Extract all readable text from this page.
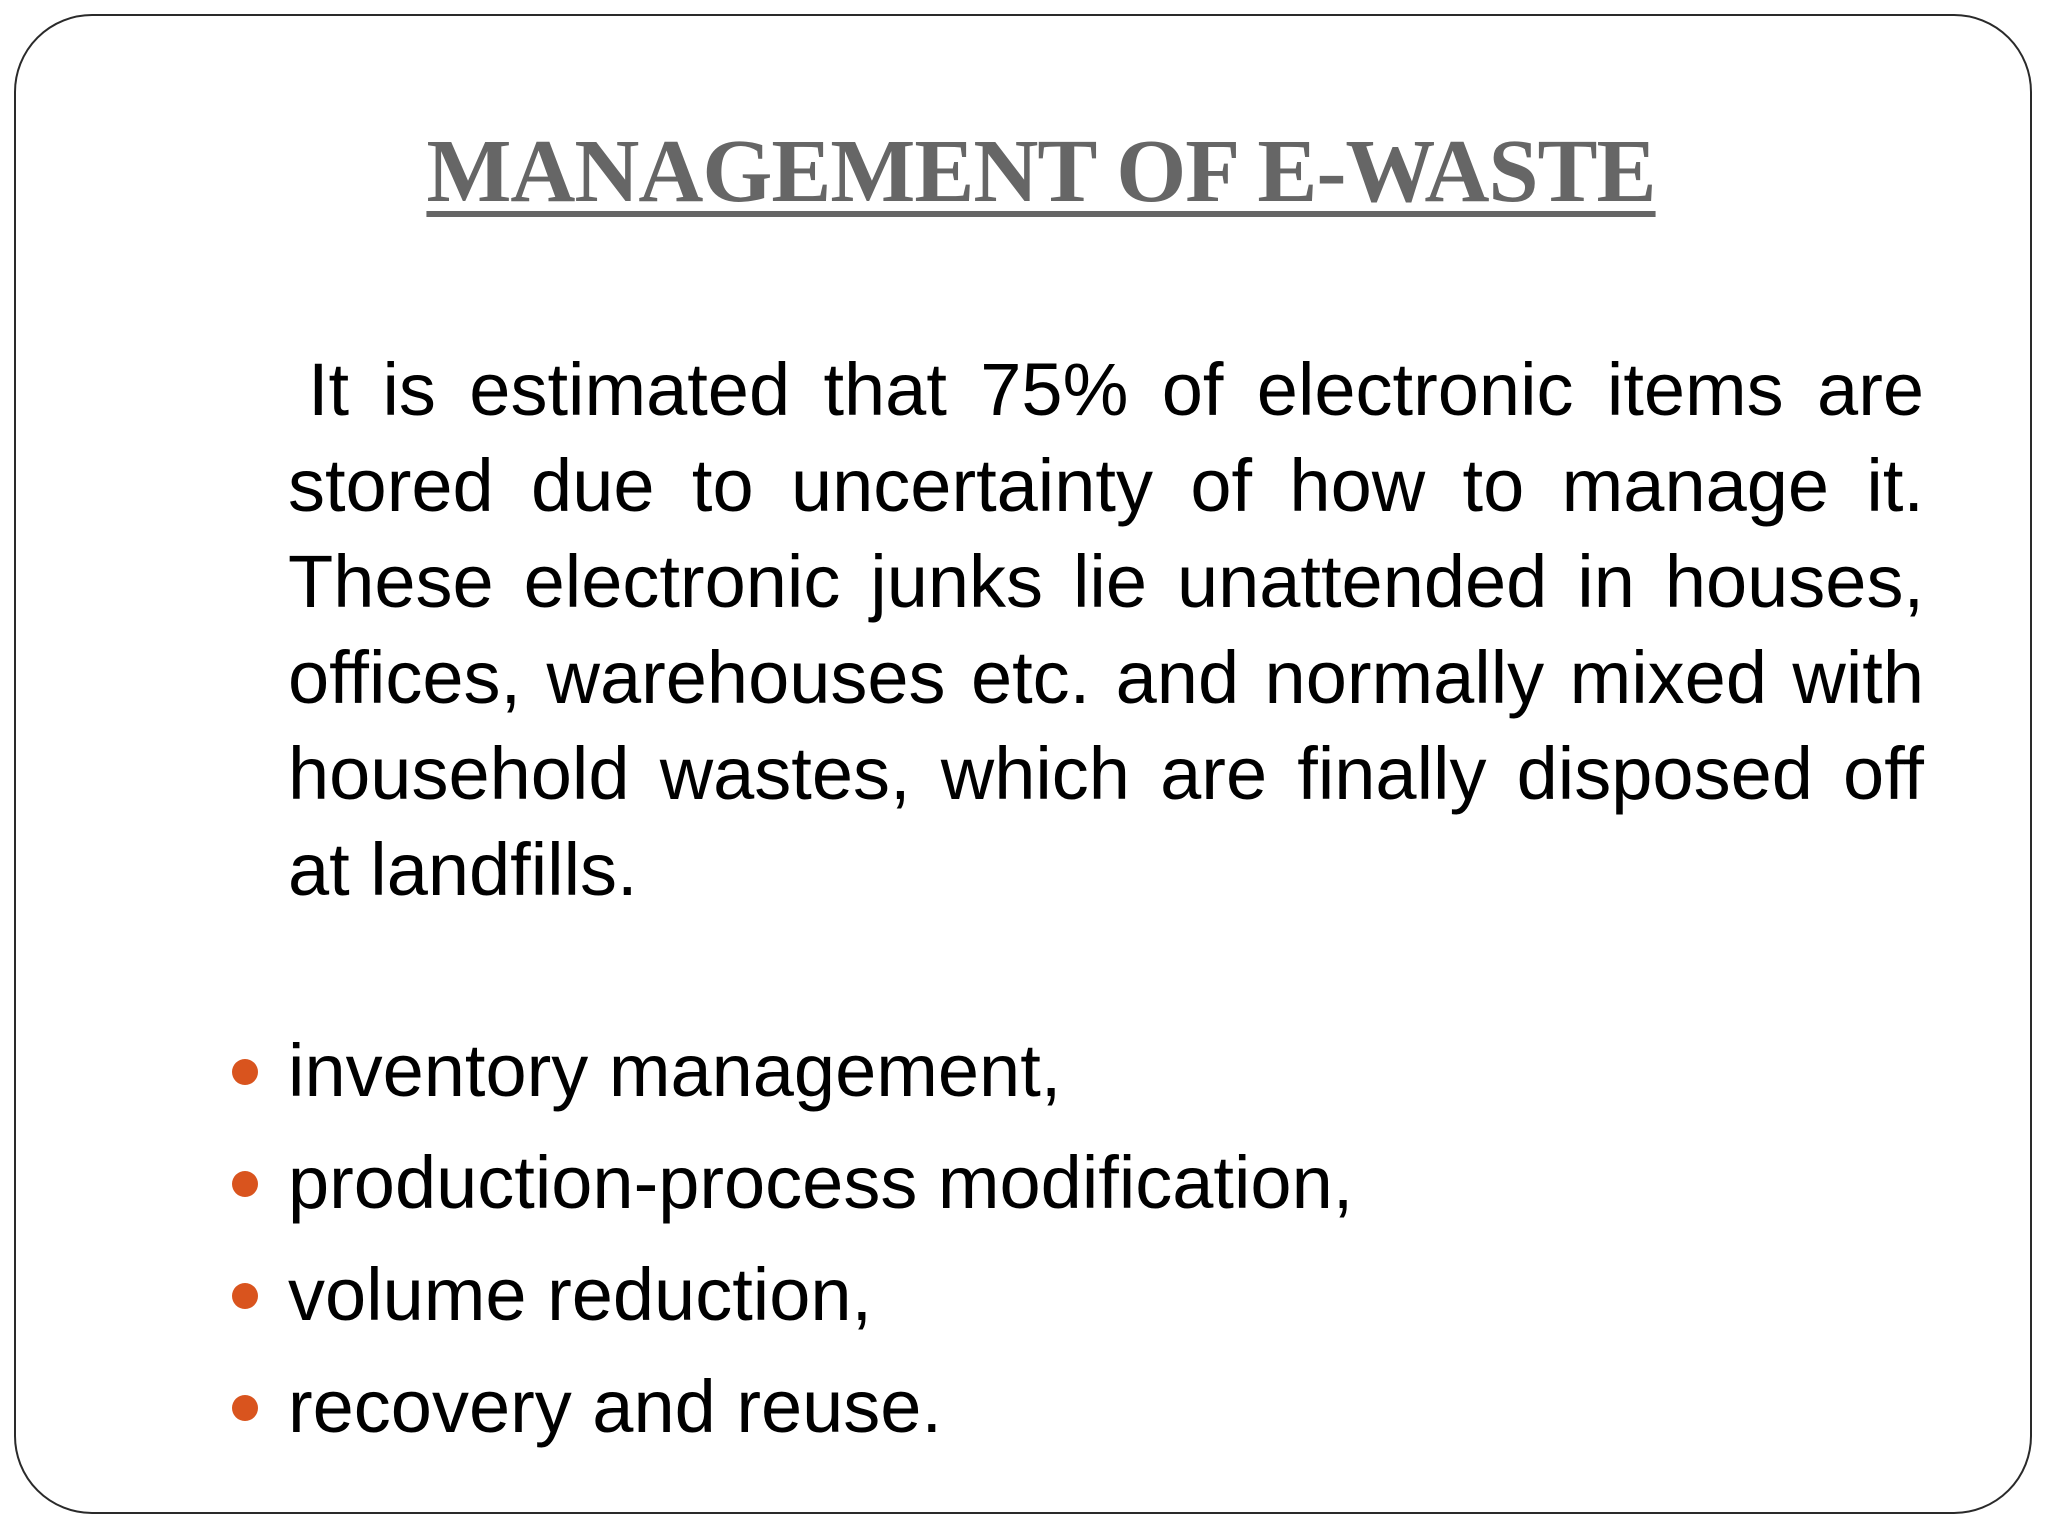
MANAGEMENT OF E-WASTE

It is estimated that 75% of electronic items are stored due to uncertainty of how to manage it. These electronic junks lie unattended in houses, offices, warehouses etc. and normally mixed with household wastes, which are finally disposed off at landfills.

inventory management,
production-process modification,
volume reduction,
recovery and reuse.
